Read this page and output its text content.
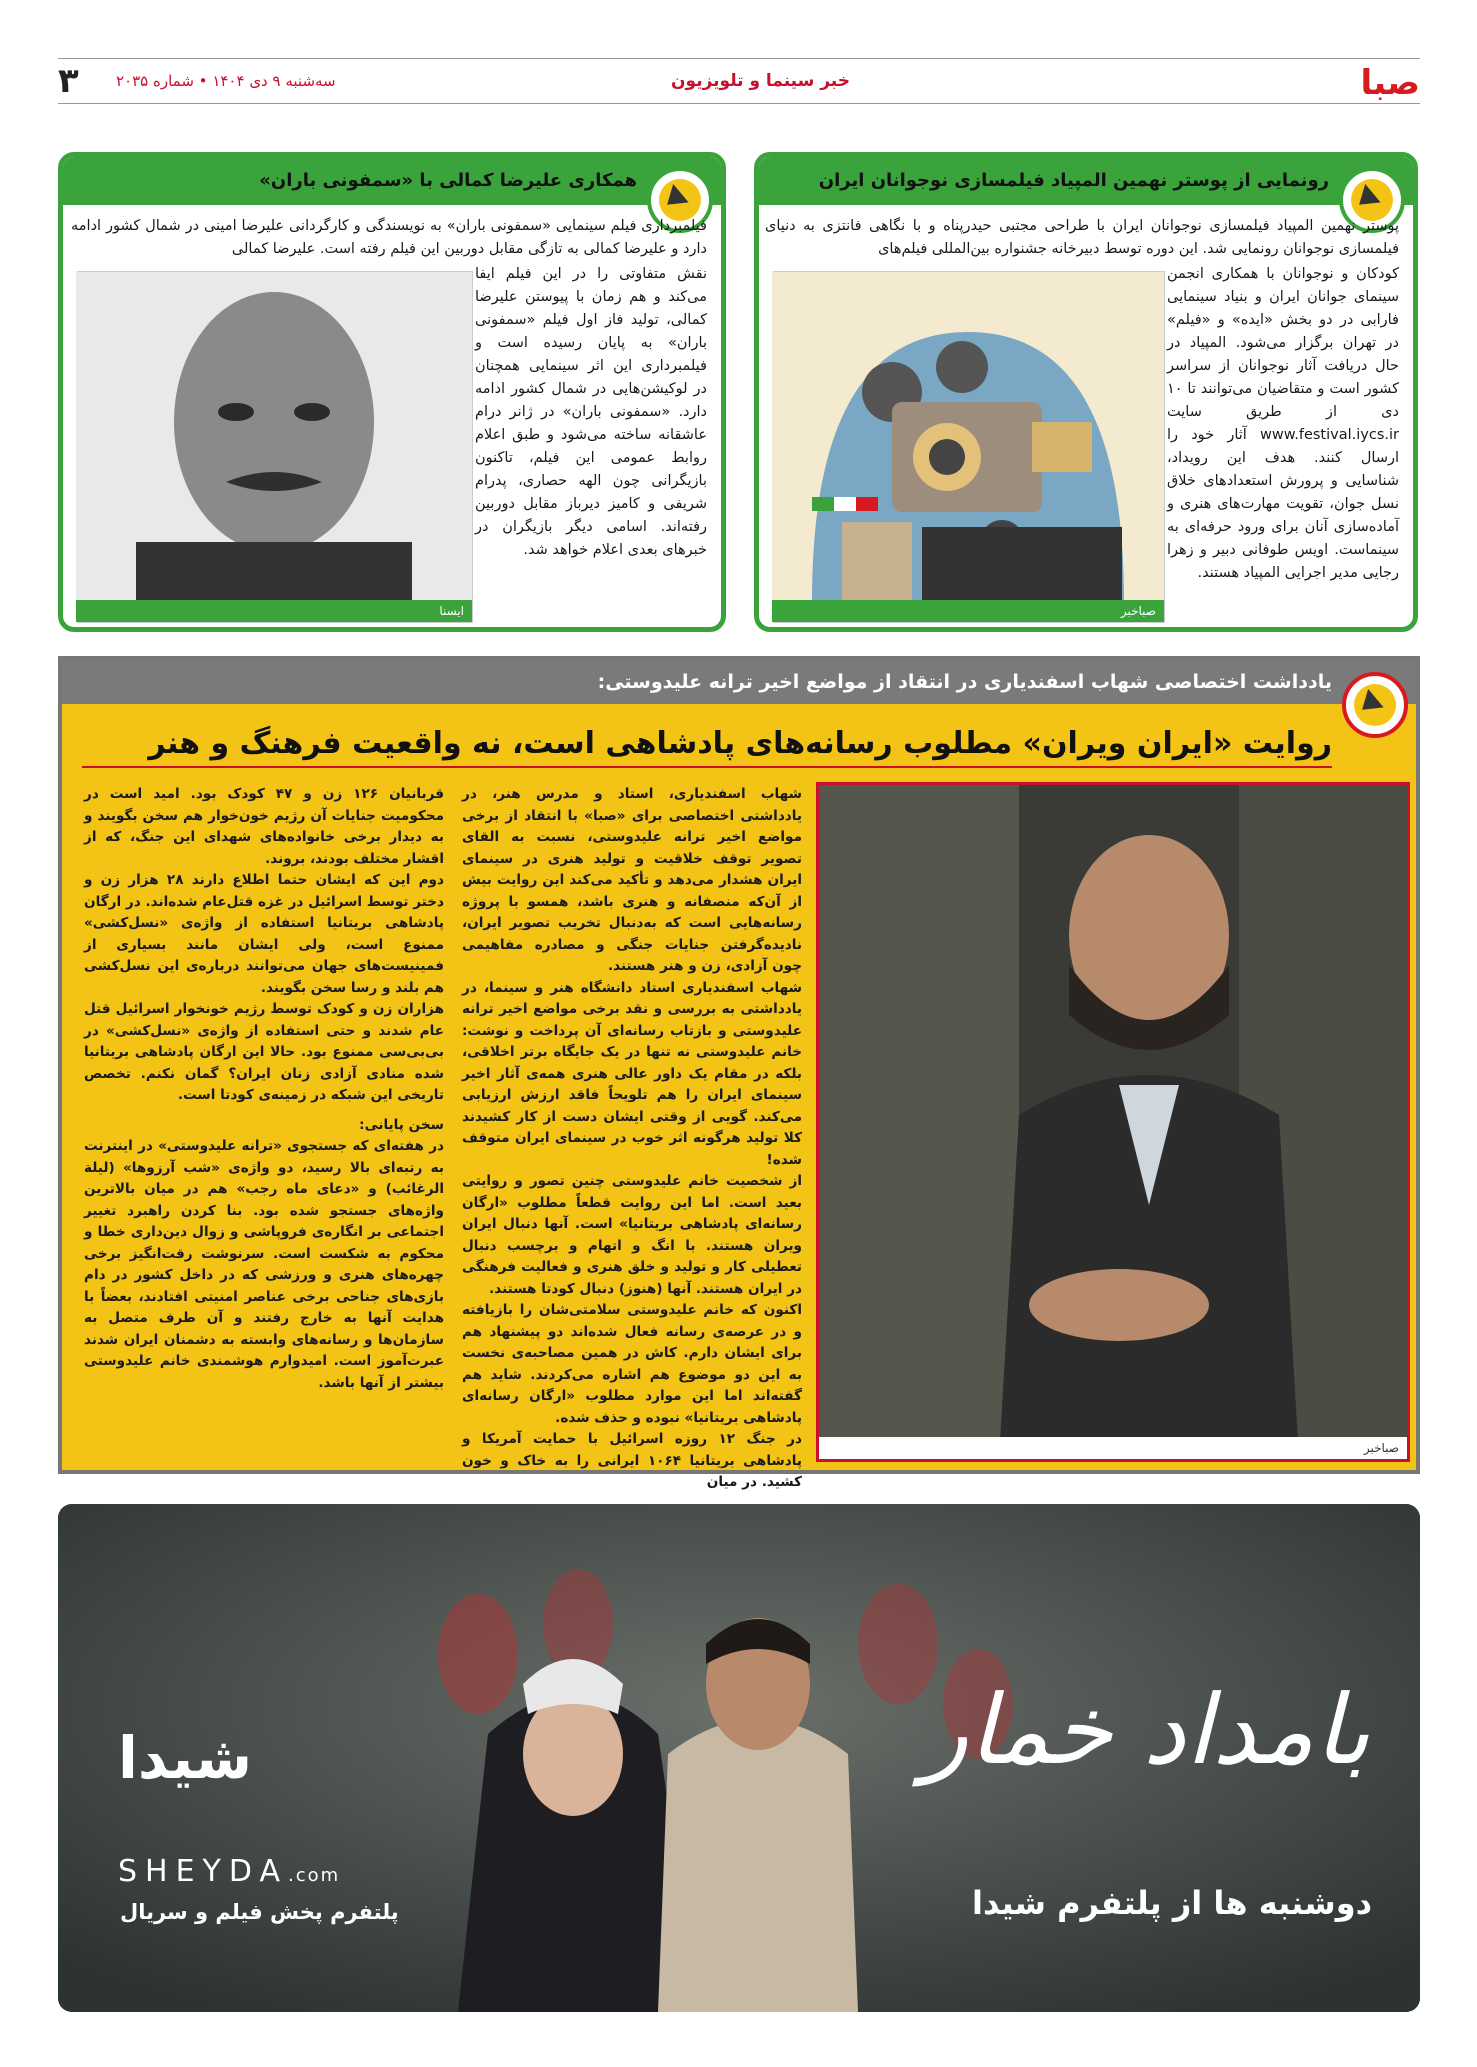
صبا
خبر سینما و تلویزیون
سه‌شنبه ۹ دی ۱۴۰۴ • شماره ۲۰۳۵
۳
رونمایی از پوستر نهمین المپیاد فیلمسازی نوجوانان ایران
پوستر نهمین المپیاد فیلمسازی نوجوانان ایران با طراحی مجتبی حیدرپناه و با نگاهی فانتزی به دنیای فیلمسازی نوجوانان رونمایی شد. این دوره توسط دبیرخانه جشنواره بین‌المللی فیلم‌های
کودکان و نوجوانان با همکاری انجمن سینمای جوانان ایران و بنیاد سینمایی فارابی در دو بخش «ایده» و «فیلم» در تهران برگزار می‌شود. المپیاد در حال دریافت آثار نوجوانان از سراسر کشور است و متقاضیان می‌توانند تا ۱۰ دی از طریق سایت www.festival.iycs.ir آثار خود را ارسال کنند. هدف این رویداد، شناسایی و پرورش استعدادهای خلاق نسل جوان، تقویت مهارت‌های هنری و آماده‌سازی آنان برای ورود حرفه‌ای به سینماست. اویس طوفانی دبیر و زهرا رجایی مدیر اجرایی المپیاد هستند.
صباخبر
همکاری علیرضا کمالی با «سمفونی باران»
فیلمبرداری فیلم سینمایی «سمفونی باران» به نویسندگی و کارگردانی علیرضا امینی در شمال کشور ادامه دارد و علیرضا کمالی به تازگی مقابل دوربین این فیلم رفته است. علیرضا کمالی
نقش متفاوتی را در این فیلم ایفا می‌کند و هم زمان با پیوستن علیرضا کمالی، تولید فاز اول فیلم «سمفونی باران» به پایان رسیده است و فیلمبرداری این اثر سینمایی همچنان در لوکیشن‌هایی در شمال کشور ادامه دارد. «سمفونی باران» در ژانر درام عاشقانه ساخته می‌شود و طبق اعلام روابط عمومی این فیلم، تاکنون بازیگرانی چون الهه حصاری، پدرام شریفی و کامیز دیرباز مقابل دوربین رفته‌اند. اسامی دیگر بازیگران در خبرهای بعدی اعلام خواهد شد.
ایسنا
یادداشت اختصاصی شهاب اسفندیاری در انتقاد از مواضع اخیر ترانه علیدوستی:
روایت «ایران ویران» مطلوب رسانه‌های پادشاهی است، نه واقعیت فرهنگ و هنر
صباخبر

شهاب اسفندیاری، استاد و مدرس هنر، در یادداشتی اختصاصی برای «صبا» با انتقاد از برخی مواضع اخیر ترانه علیدوستی، نسبت به القای تصویر توقف خلاقیت و تولید هنری در سینمای ایران هشدار می‌دهد و تأکید می‌کند این روایت بیش از آن‌که منصفانه و هنری باشد، همسو با پروژه رسانه‌هایی است که به‌دنبال تخریب تصویر ایران، نادیده‌گرفتن جنایات جنگی و مصادره مفاهیمی چون آزادی، زن و هنر هستند.

شهاب اسفندیاری استاد دانشگاه هنر و سینما، در یادداشتی به بررسی و نقد برخی مواضع اخیر ترانه علیدوستی و بازتاب رسانه‌ای آن پرداخت و نوشت: خانم علیدوستی نه تنها در یک جایگاه برتر اخلاقی، بلکه در مقام یک داور عالی هنری همه‌ی آثار اخیر سینمای ایران را هم تلویحاً فاقد ارزش ارزیابی می‌کند. گویی از وقتی ایشان دست از کار کشیدند کلا تولید هرگونه اثر خوب در سینمای ایران متوقف شده!

از شخصیت خانم علیدوستی چنین تصور و روایتی بعید است. اما این روایت قطعاً مطلوب «ارگان رسانه‌ای پادشاهی بریتانیا» است. آنها دنبال ایران ویران هستند. با انگ و اتهام و برچسب دنبال تعطیلی کار و تولید و خلق هنری و فعالیت فرهنگی در ایران هستند. آنها (هنوز) دنبال کودتا هستند.

اکنون که خانم علیدوستی سلامتی‌شان را بازیافته و در عرصه‌ی رسانه فعال شده‌اند دو پیشنهاد هم برای ایشان دارم. کاش در همین مصاحبه‌ی نخست به این دو موضوع هم اشاره می‌کردند. شاید هم گفته‌اند اما این موارد مطلوب «ارگان رسانه‌ای پادشاهی بریتانیا» نبوده و حذف شده.

در جنگ ۱۲ روزه اسرائیل با حمایت آمریکا و پادشاهی بریتانیا ۱۰۶۴ ایرانی را به خاک و خون کشید. در میان

قربانیان ۱۲۶ زن و ۴۷ کودک بود. امید است در محکومیت جنایات آن رژیم خون‌خوار هم سخن بگویند و به دیدار برخی خانواده‌های شهدای این جنگ، که از اقشار مختلف بودند، بروند.

دوم این که ایشان حتما اطلاع دارند ۲۸ هزار زن و دختر توسط اسرائیل در غزه قتل‌عام شده‌اند. در ارگان پادشاهی بریتانیا استفاده از واژه‌ی «نسل‌کشی» ممنوع است، ولی ایشان مانند بسیاری از فمینیست‌های جهان می‌توانند درباره‌ی این نسل‌کشی هم بلند و رسا سخن بگویند.

هزاران زن و کودک توسط رژیم خونخوار اسرائیل قتل عام شدند و حتی استفاده از واژه‌ی «نسل‌کشی» در بی‌بی‌سی ممنوع بود. حالا این ارگان پادشاهی بریتانیا شده منادی آزادی زنان ایران؟ گمان نکنم. تخصص تاریخی این شبکه در زمینه‌ی کودتا است.

سخن پایانی:

در هفته‌ای که جستجوی «ترانه علیدوستی» در اینترنت به رتبه‌ای بالا رسید، دو واژه‌ی «شب آرزوها» (لیلة الرغائب) و «دعای ماه رجب» هم در میان بالاترین واژه‌های جستجو شده بود. بنا کردن راهبرد تغییر اجتماعی بر انگاره‌ی فروپاشی و زوال دین‌داری خطا و محکوم به شکست است. سرنوشت رقت‌انگیز برخی چهره‌های هنری و ورزشی که در داخل کشور در دام بازی‌های جناحی برخی عناصر امنیتی افتادند، بعضاً با هدایت آنها به خارج رفتند و آن طرف متصل به سازمان‌ها و رسانه‌های وابسته به دشمنان ایران شدند عبرت‌آموز است. امیدوارم هوشمندی خانم علیدوستی بیشتر از آنها باشد.

شیدا
SHEYDA.com
پلتفرم پخش فیلم و سریال
بامداد خمار
دوشنبه ها از پلتفرم شیدا
